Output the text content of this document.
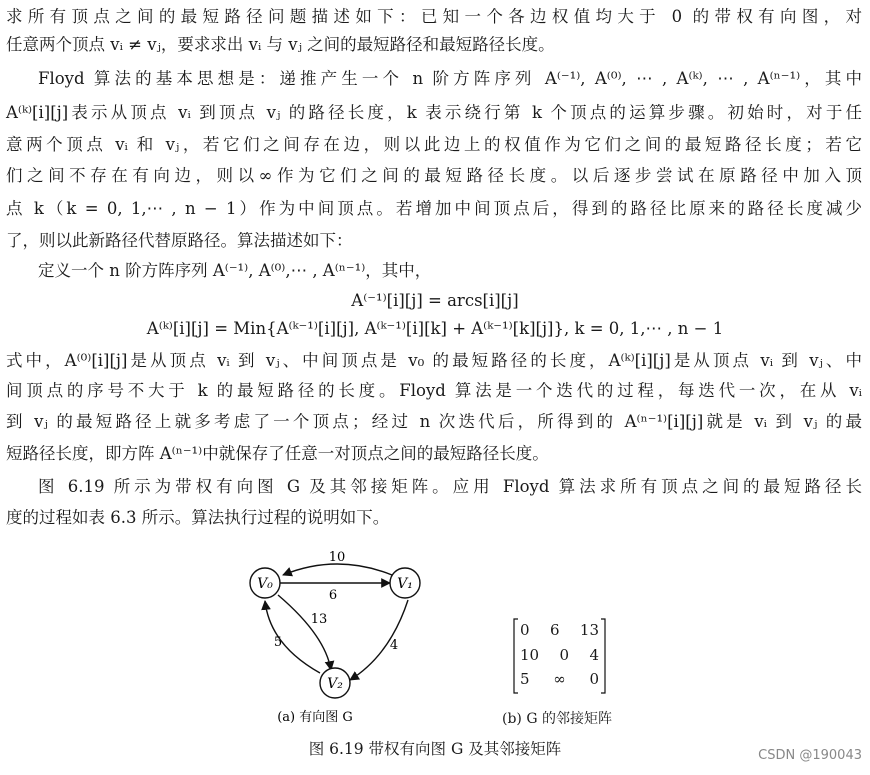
求所有顶点之间的最短路径问题描述如下：已知一个各边权值均大于 0 的带权有向图，对
任意两个顶点 vᵢ ≠ vⱼ，要求求出 vᵢ 与 vⱼ 之间的最短路径和最短路径长度。
Floyd 算法的基本思想是：递推产生一个 n 阶方阵序列 A⁽⁻¹⁾, A⁽⁰⁾, ⋯ , A⁽ᵏ⁾, ⋯ , A⁽ⁿ⁻¹⁾，其中
A⁽ᵏ⁾[i][j]表示从顶点 vᵢ 到顶点 vⱼ 的路径长度，k 表示绕行第 k 个顶点的运算步骤。初始时，对于任
意两个顶点 vᵢ 和 vⱼ，若它们之间存在边，则以此边上的权值作为它们之间的最短路径长度；若它
们之间不存在有向边，则以∞作为它们之间的最短路径长度。以后逐步尝试在原路径中加入顶
点 k（k = 0, 1,⋯ , n − 1）作为中间顶点。若增加中间顶点后，得到的路径比原来的路径长度减少
了，则以此新路径代替原路径。算法描述如下：
定义一个 n 阶方阵序列 A⁽⁻¹⁾, A⁽⁰⁾,⋯ , A⁽ⁿ⁻¹⁾，其中，
A⁽⁻¹⁾[i][j] = arcs[i][j]
A⁽ᵏ⁾[i][j] = Min{A⁽ᵏ⁻¹⁾[i][j], A⁽ᵏ⁻¹⁾[i][k] + A⁽ᵏ⁻¹⁾[k][j]}, k = 0, 1,⋯ , n − 1
式中，A⁽⁰⁾[i][j]是从顶点 vᵢ 到 vⱼ、中间顶点是 v₀ 的最短路径的长度，A⁽ᵏ⁾[i][j]是从顶点 vᵢ 到 vⱼ、中
间顶点的序号不大于 k 的最短路径的长度。Floyd 算法是一个迭代的过程，每迭代一次，在从 vᵢ
到 vⱼ 的最短路径上就多考虑了一个顶点；经过 n 次迭代后，所得到的 A⁽ⁿ⁻¹⁾[i][j]就是 vᵢ 到 vⱼ 的最
短路径长度，即方阵 A⁽ⁿ⁻¹⁾中就保存了任意一对顶点之间的最短路径长度。
图 6.19 所示为带权有向图 G 及其邻接矩阵。应用 Floyd 算法求所有顶点之间的最短路径长
度的过程如表 6.3 所示。算法执行过程的说明如下。
V₀	V₁
V₂
10
6
13
5	4
(a) 有向图 G
0 6 13
10 0 4
5 ∞ 0
(b) G 的邻接矩阵
图 6.19 带权有向图 G 及其邻接矩阵	CSDN @190043
